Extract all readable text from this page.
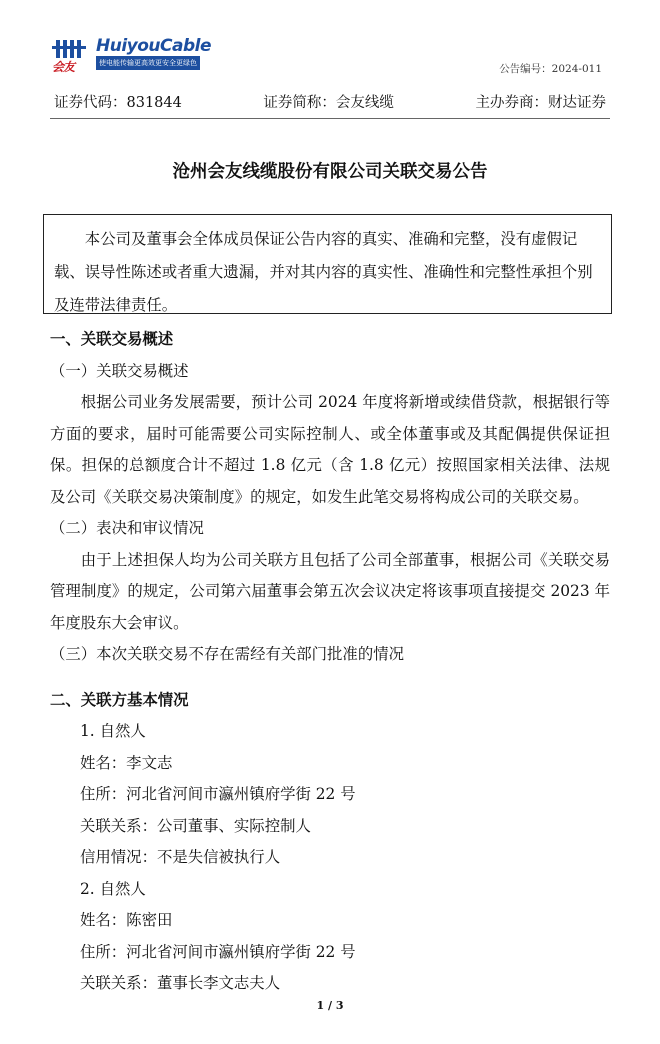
会友
HuiyouCable
使电能传输更高效更安全更绿色	公告编号：2024-011
证券代码：831844	证券简称：会友线缆	主办券商：财达证券
沧州会友线缆股份有限公司关联交易公告
本公司及董事会全体成员保证公告内容的真实、准确和完整，没有虚假记载、误导性陈述或者重大遗漏，并对其内容的真实性、准确性和完整性承担个别及连带法律责任。
一、关联交易概述
（一）关联交易概述
根据公司业务发展需要，预计公司 2024 年度将新增或续借贷款，根据银行等方面的要求，届时可能需要公司实际控制人、或全体董事或及其配偶提供保证担保。担保的总额度合计不超过 1.8 亿元（含 1.8 亿元）按照国家相关法律、法规及公司《关联交易决策制度》的规定，如发生此笔交易将构成公司的关联交易。
（二）表决和审议情况
由于上述担保人均为公司关联方且包括了公司全部董事，根据公司《关联交易管理制度》的规定，公司第六届董事会第五次会议决定将该事项直接提交 2023 年年度股东大会审议。
（三）本次关联交易不存在需经有关部门批准的情况
二、关联方基本情况
1. 自然人
姓名：李文志
住所：河北省河间市瀛州镇府学街 22 号
关联关系：公司董事、实际控制人
信用情况：不是失信被执行人
2. 自然人
姓名：陈密田
住所：河北省河间市瀛州镇府学街 22 号
关联关系：董事长李文志夫人
1 / 3
